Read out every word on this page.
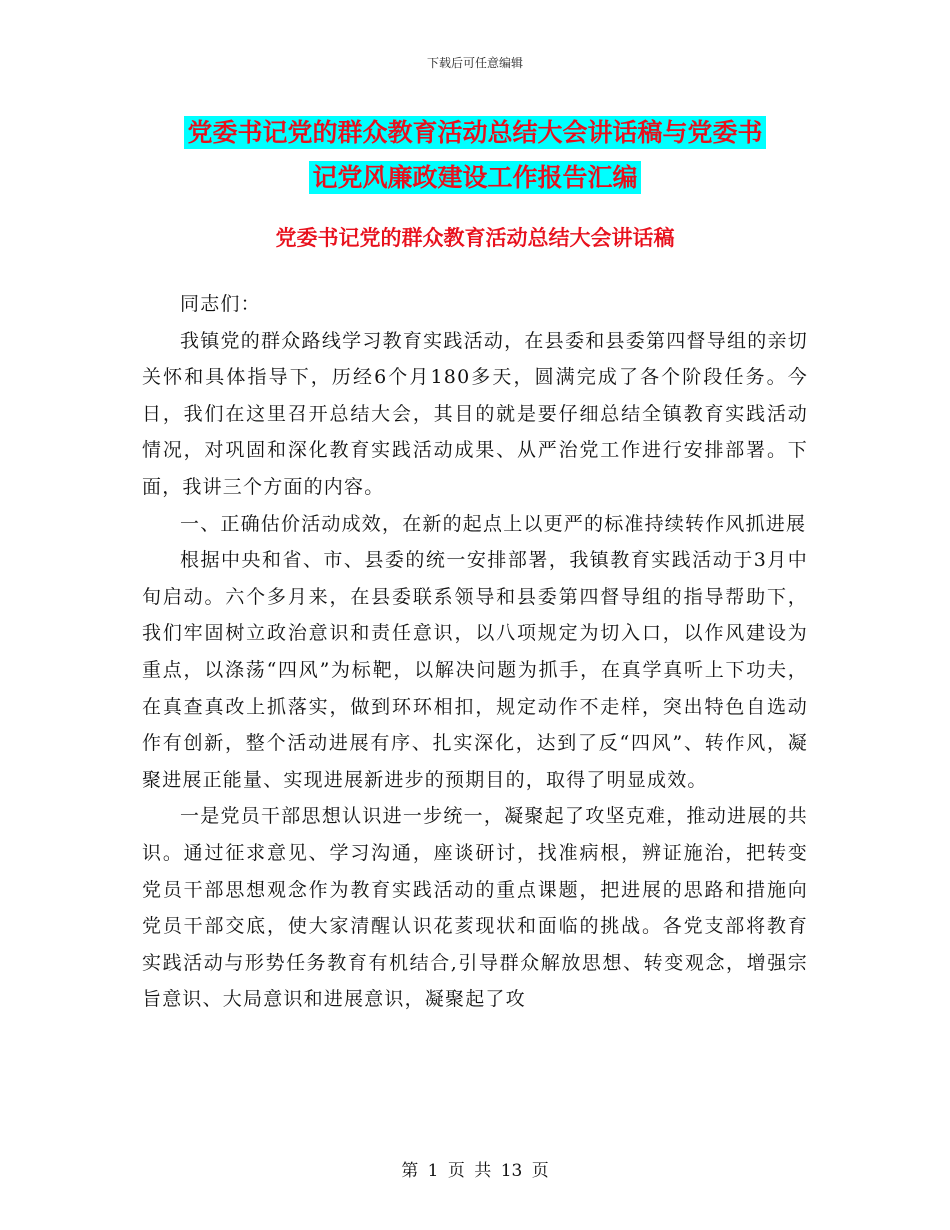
下载后可任意编辑
党委书记党的群众教育活动总结大会讲话稿与党委书
记党风廉政建设工作报告汇编
党委书记党的群众教育活动总结大会讲话稿

同志们：

我镇党的群众路线学习教育实践活动，在县委和县委第四督导组的亲切关怀和具体指导下，历经6个月180多天，圆满完成了各个阶段任务。今日，我们在这里召开总结大会，其目的就是要仔细总结全镇教育实践活动情况，对巩固和深化教育实践活动成果、从严治党工作进行安排部署。下面，我讲三个方面的内容。

一、正确估价活动成效，在新的起点上以更严的标准持续转作风抓进展

根据中央和省、市、县委的统一安排部署，我镇教育实践活动于3月中旬启动。六个多月来，在县委联系领导和县委第四督导组的指导帮助下，我们牢固树立政治意识和责任意识，以八项规定为切入口，以作风建设为重点，以涤荡“四风”为标靶，以解决问题为抓手，在真学真听上下功夫，在真查真改上抓落实，做到环环相扣，规定动作不走样，突出特色自选动作有创新，整个活动进展有序、扎实深化，达到了反“四风”、转作风，凝聚进展正能量、实现进展新进步的预期目的，取得了明显成效。

一是党员干部思想认识进一步统一，凝聚起了攻坚克难，推动进展的共识。通过征求意见、学习沟通，座谈研讨，找准病根，辨证施治，把转变党员干部思想观念作为教育实践活动的重点课题，把进展的思路和措施向党员干部交底，使大家清醒认识花荄现状和面临的挑战。各党支部将教育实践活动与形势任务教育有机结合,引导群众解放思想、转变观念，增强宗旨意识、大局意识和进展意识，凝聚起了攻

第 1 页 共 13 页
